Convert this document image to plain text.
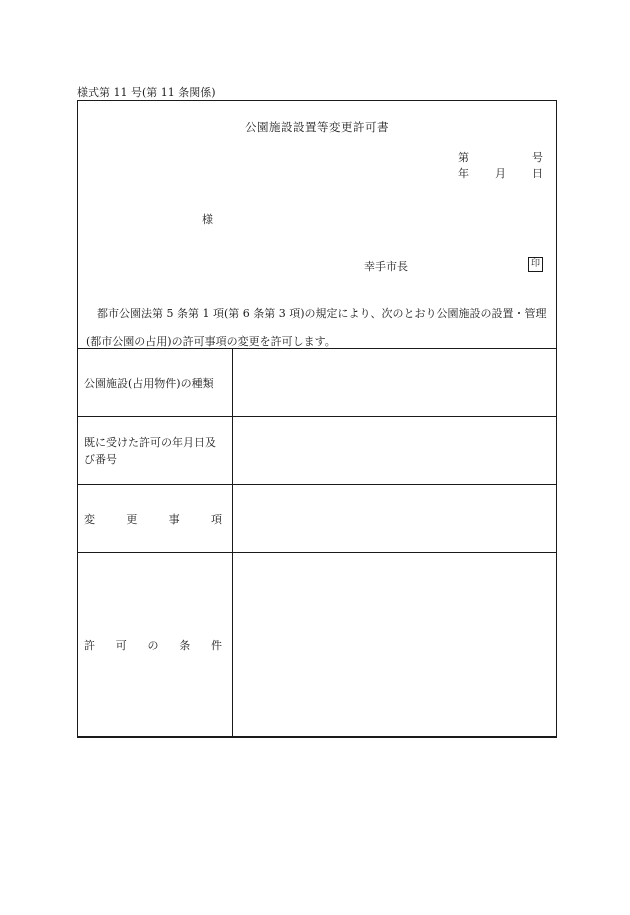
様式第 11 号(第 11 条関係)
公園施設設置等変更許可書
第	号
年 月 日
様
幸手市長	印
都市公園法第 5 条第 1 項(第 6 条第 3 項)の規定により、次のとおり公園施設の設置・管理(都市公園の占用)の許可事項の変更を許可します。
公園施設(占用物件)の種類	
既に受けた許可の年月日及び番号	

変 更 事 項	

許 可 の 条 件	
